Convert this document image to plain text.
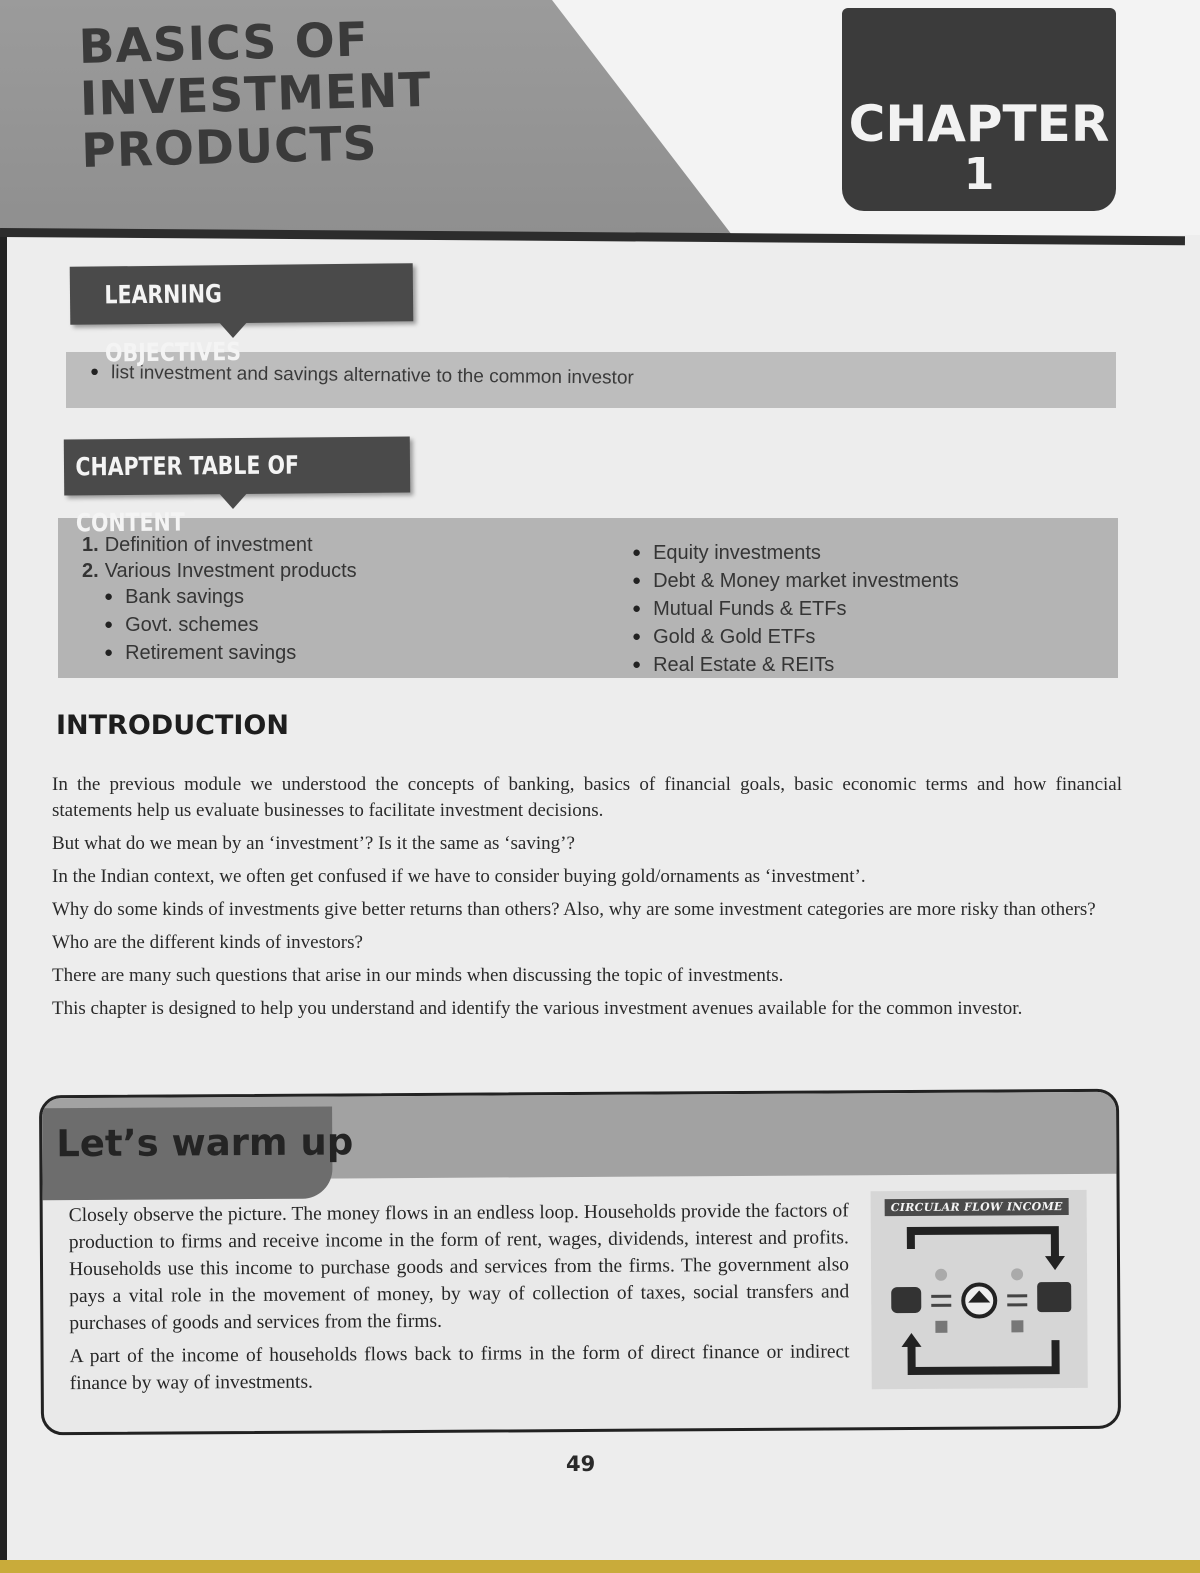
BASICS OF
INVESTMENT
PRODUCTS	CHAPTER
1
● list investment and savings alternative to the common investor
LEARNING OBJECTIVES
1. Definition of investment
2. Various Investment products
● Bank savings
● Govt. schemes
● Retirement savings
● Equity investments
● Debt & Money market investments
● Mutual Funds & ETFs
● Gold & Gold ETFs
● Real Estate & REITs
CHAPTER TABLE OF CONTENT
INTRODUCTION

In the previous module we understood the concepts of banking, basics of financial goals, basic economic terms and how financial statements help us evaluate businesses to facilitate investment decisions.

But what do we mean by an ‘investment’? Is it the same as ‘saving’?

In the Indian context, we often get confused if we have to consider buying gold/ornaments as ‘investment’.

Why do some kinds of investments give better returns than others? Also, why are some investment categories are more risky than others?

Who are the different kinds of investors?

There are many such questions that arise in our minds when discussing the topic of investments.

This chapter is designed to help you understand and identify the various investment avenues available for the common investor.

Let’s warm up

Closely observe the picture. The money flows in an endless loop. Households provide the factors of production to firms and receive income in the form of rent, wages, dividends, interest and profits. Households use this income to purchase goods and services from the firms. The government also pays a vital role in the movement of money, by way of collection of taxes, social transfers and purchases of goods and services from the firms.

A part of the income of households flows back to firms in the form of direct finance or indirect finance by way of investments.

CIRCULAR FLOW INCOME
49
